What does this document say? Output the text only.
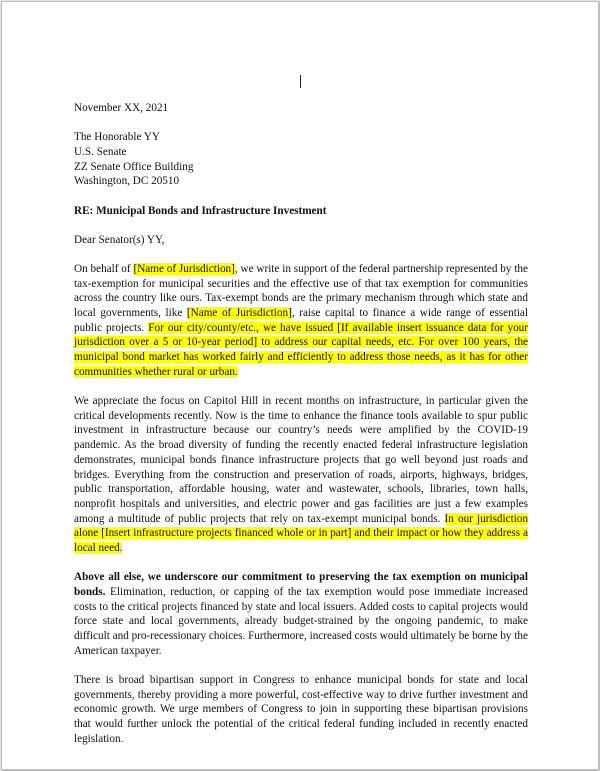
November XX, 2021

The Honorable YY

U.S. Senate

ZZ Senate Office Building

Washington, DC 20510

RE: Municipal Bonds and Infrastructure Investment

Dear Senator(s) YY,

On behalf of [Name of Jurisdiction], we write in support of the federal partnership represented by the tax-exemption for municipal securities and the effective use of that tax exemption for communities across the country like ours. Tax-exempt bonds are the primary mechanism through which state and local governments, like [Name of Jurisdiction], raise capital to finance a wide range of essential public projects. For our city/county/etc., we have issued [If available insert issuance data for your jurisdiction over a 5 or 10-year period] to address our capital needs, etc. For over 100 years, the municipal bond market has worked fairly and efficiently to address those needs, as it has for other communities whether rural or urban.

We appreciate the focus on Capitol Hill in recent months on infrastructure, in particular given the critical developments recently. Now is the time to enhance the finance tools available to spur public investment in infrastructure because our country’s needs were amplified by the COVID-19 pandemic. As the broad diversity of funding the recently enacted federal infrastructure legislation demonstrates, municipal bonds finance infrastructure projects that go well beyond just roads and bridges. Everything from the construction and preservation of roads, airports, highways, bridges, public transportation, affordable housing, water and wastewater, schools, libraries, town halls, nonprofit hospitals and universities, and electric power and gas facilities are just a few examples among a multitude of public projects that rely on tax-exempt municipal bonds. In our jurisdiction alone [Insert infrastructure projects financed whole or in part] and their impact or how they address a local need.

Above all else, we underscore our commitment to preserving the tax exemption on municipal bonds. Elimination, reduction, or capping of the tax exemption would pose immediate increased costs to the critical projects financed by state and local issuers. Added costs to capital projects would force state and local governments, already budget-strained by the ongoing pandemic, to make difficult and pro-recessionary choices. Furthermore, increased costs would ultimately be borne by the American taxpayer.

There is broad bipartisan support in Congress to enhance municipal bonds for state and local governments, thereby providing a more powerful, cost-effective way to drive further investment and economic growth. We urge members of Congress to join in supporting these bipartisan provisions that would further unlock the potential of the critical federal funding included in recently enacted legislation.
